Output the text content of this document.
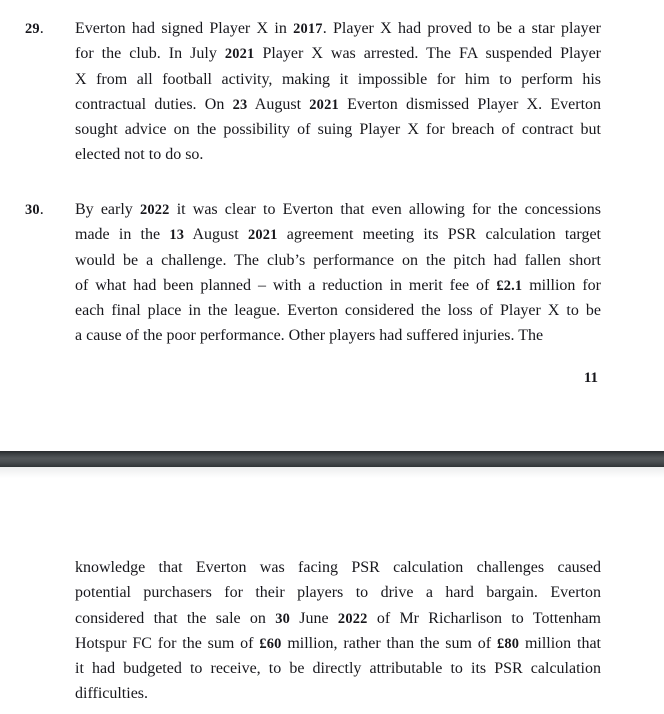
29.	Everton had signed Player X in 2017. Player X had proved to be a star player
for the club. In July 2021 Player X was arrested. The FA suspended Player
X from all football activity, making it impossible for him to perform his
contractual duties. On 23 August 2021 Everton dismissed Player X. Everton
sought advice on the possibility of suing Player X for breach of contract but
elected not to do so.
30.	By early 2022 it was clear to Everton that even allowing for the concessions
made in the 13 August 2021 agreement meeting its PSR calculation target
would be a challenge. The club’s performance on the pitch had fallen short
of what had been planned – with a reduction in merit fee of £2.1 million for
each final place in the league. Everton considered the loss of Player X to be
a cause of the poor performance. Other players had suffered injuries. The
11
knowledge that Everton was facing PSR calculation challenges caused
potential purchasers for their players to drive a hard bargain. Everton
considered that the sale on 30 June 2022 of Mr Richarlison to Tottenham
Hotspur FC for the sum of £60 million, rather than the sum of £80 million that
it had budgeted to receive, to be directly attributable to its PSR calculation
difficulties.
